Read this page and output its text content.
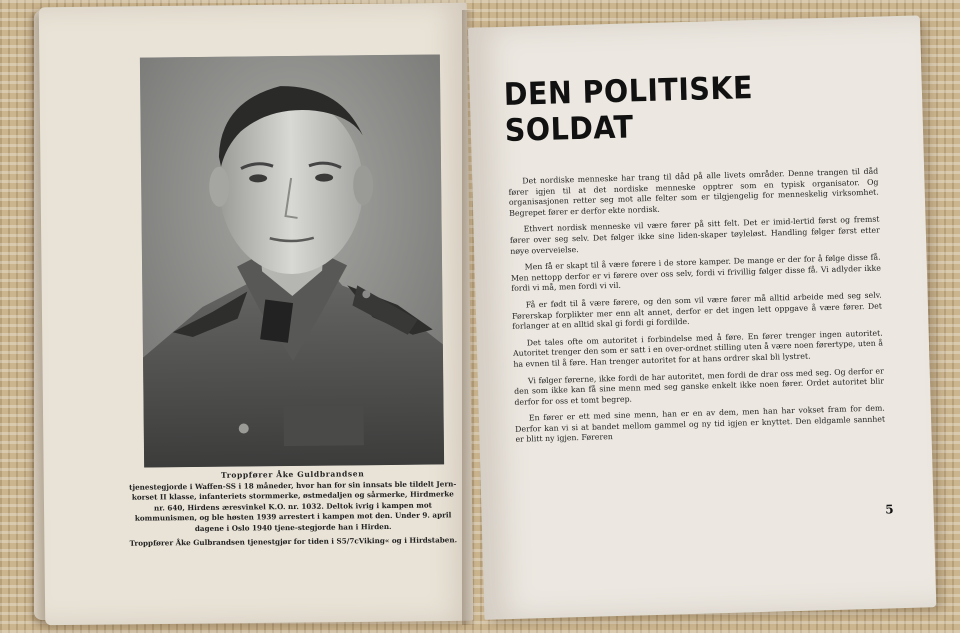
Troppfører Åke Guldbrandsen
tjenestegjorde i Waffen-SS i 18 måneder, hvor han for sin innsats ble tildelt Jern-korset II klasse, infanteriets stormmerke, østmedaljen og sårmerke, Hirdmerke nr. 640, Hirdens æresvinkel K.O. nr. 1032. Deltok ivrig i kampen mot kommunismen, og ble høsten 1939 arrestert i kampen mot den. Under 9. april dagene i Oslo 1940 tjene-stegjorde han i Hirden.
Troppfører Åke Gulbrandsen tjenestgjør for tiden i S5/7cViking« og i Hirdstaben.
DEN POLITISKE SOLDAT

Det nordiske menneske har trang til dåd på alle livets områder. Denne trangen til dåd fører igjen til at det nordiske menneske opptrer som en typisk organisator. Og organisasjonen retter seg mot alle felter som er tilgjengelig for menneskelig virksomhet. Begrepet fører er derfor ekte nordisk.

Ethvert nordisk menneske vil være fører på sitt felt. Det er imid-lertid først og fremst fører over seg selv. Det følger ikke sine liden-skaper tøyleløst. Handling følger først etter nøye overveielse.

Men få er skapt til å være førere i de store kamper. De mange er der for å følge disse få. Men nettopp derfor er vi førere over oss selv, fordi vi frivillig følger disse få. Vi adlyder ikke fordi vi må, men fordi vi vil.

Få er født til å være førere, og den som vil være fører må alltid arbeide med seg selv. Førerskap forplikter mer enn alt annet, derfor er det ingen lett oppgave å være fører. Det forlanger at en alltid skal gi fordi gi fordilde.

Det tales ofte om autoritet i forbindelse med å føre. En fører trenger ingen autoritet. Autoritet trenger den som er satt i en over-ordnet stilling uten å være noen førertype, uten å ha evnen til å føre. Han trenger autoritet for at hans ordrer skal bli lystret.

Vi følger førerne, ikke fordi de har autoritet, men fordi de drar oss med seg. Og derfor er den som ikke kan få sine menn med seg ganske enkelt ikke noen fører. Ordet autoritet blir derfor for oss et tomt begrep.

En fører er ett med sine menn, han er en av dem, men han har vokset fram for dem. Derfor kan vi si at bandet mellom gammel og ny tid igjen er knyttet. Den eldgamle sannhet er blitt ny igjen. Føreren

5
